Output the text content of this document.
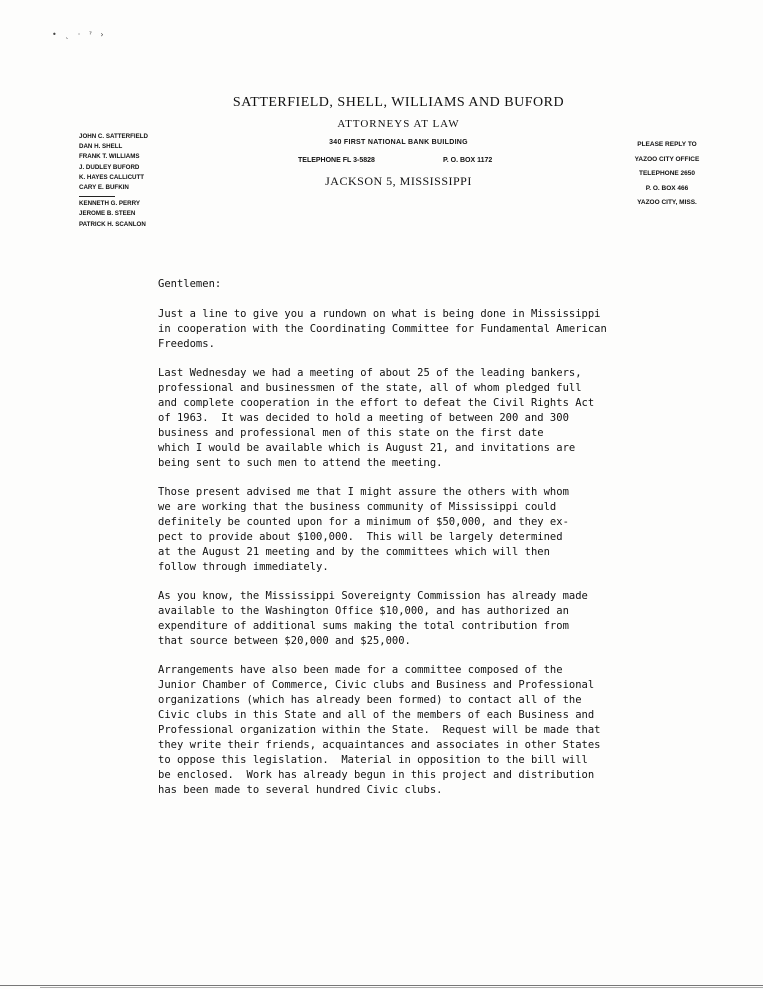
• ˎ · ˀ ›
SATTERFIELD, SHELL, WILLIAMS AND BUFORD
ATTORNEYS AT LAW
340 FIRST NATIONAL BANK BUILDING
TELEPHONE FL 3-5828	P. O. BOX 1172
JACKSON 5, MISSISSIPPI
JOHN C. SATTERFIELD
DAN H. SHELL
FRANK T. WILLIAMS
J. DUDLEY BUFORD
K. HAYES CALLICUTT
CARY E. BUFKIN
KENNETH G. PERRY
JEROME B. STEEN
PATRICK H. SCANLON
PLEASE REPLY TO
YAZOO CITY OFFICE
TELEPHONE 2650
P. O. BOX 466
YAZOO CITY, MISS.

Gentlemen:

Just a line to give you a rundown on what is being done in Mississippi
in cooperation with the Coordinating Committee for Fundamental American
Freedoms.

Last Wednesday we had a meeting of about 25 of the leading bankers,
professional and businessmen of the state, all of whom pledged full
and complete cooperation in the effort to defeat the Civil Rights Act
of 1963.  It was decided to hold a meeting of between 200 and 300
business and professional men of this state on the first date
which I would be available which is August 21, and invitations are
being sent to such men to attend the meeting.

Those present advised me that I might assure the others with whom
we are working that the business community of Mississippi could
definitely be counted upon for a minimum of $50,000, and they ex-
pect to provide about $100,000.  This will be largely determined
at the August 21 meeting and by the committees which will then
follow through immediately.

As you know, the Mississippi Sovereignty Commission has already made
available to the Washington Office $10,000, and has authorized an
expenditure of additional sums making the total contribution from
that source between $20,000 and $25,000.

Arrangements have also been made for a committee composed of the
Junior Chamber of Commerce, Civic clubs and Business and Professional
organizations (which has already been formed) to contact all of the
Civic clubs in this State and all of the members of each Business and
Professional organization within the State.  Request will be made that
they write their friends, acquaintances and associates in other States
to oppose this legislation.  Material in opposition to the bill will
be enclosed.  Work has already begun in this project and distribution
has been made to several hundred Civic clubs.
